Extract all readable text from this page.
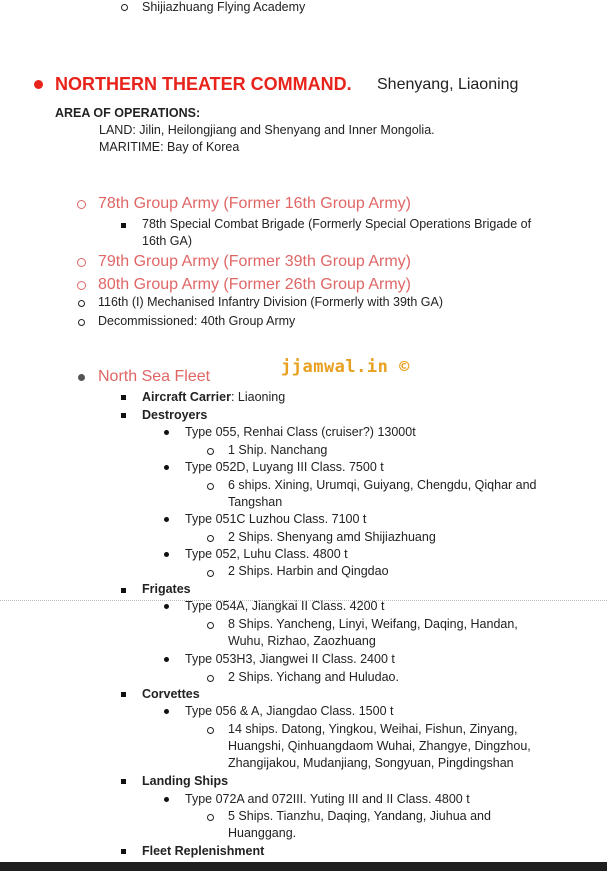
Shijiazhuang Flying Academy
NORTHERN THEATER COMMAND. Shenyang, Liaoning
AREA OF OPERATIONS:
LAND: Jilin, Heilongjiang and Shenyang and Inner Mongolia.
MARITIME: Bay of Korea
78th Group Army (Former 16th Group Army)
78th Special Combat Brigade (Formerly Special Operations Brigade of
16th GA)
79th Group Army (Former 39th Group Army)
80th Group Army (Former 26th Group Army)
116th (I) Mechanised Infantry Division (Formerly with 39th GA)
Decommissioned: 40th Group Army
jjamwal.in ©
North Sea Fleet
Aircraft Carrier: Liaoning
Destroyers
Type 055, Renhai Class (cruiser?) 13000t
1 Ship. Nanchang
Type 052D, Luyang III Class. 7500 t
6 ships. Xining, Urumqi, Guiyang, Chengdu, Qiqhar and
Tangshan
Type 051C Luzhou Class. 7100 t
2 Ships. Shenyang amd Shijiazhuang
Type 052, Luhu Class. 4800 t
2 Ships. Harbin and Qingdao
Frigates
Type 054A, Jiangkai II Class. 4200 t
8 Ships. Yancheng, Linyi, Weifang, Daqing, Handan,
Wuhu, Rizhao, Zaozhuang
Type 053H3, Jiangwei II Class. 2400 t
2 Ships. Yichang and Huludao.
Corvettes
Type 056 & A, Jiangdao Class. 1500 t
14 ships. Datong, Yingkou, Weihai, Fishun, Zinyang,
Huangshi, Qinhuangdaom Wuhai, Zhangye, Dingzhou,
Zhangijakou, Mudanjiang, Songyuan, Pingdingshan
Landing Ships
Type 072A and 072III. Yuting III and II Class. 4800 t
5 Ships. Tianzhu, Daqing, Yandang, Jiuhua and
Huanggang.
Fleet Replenishment
